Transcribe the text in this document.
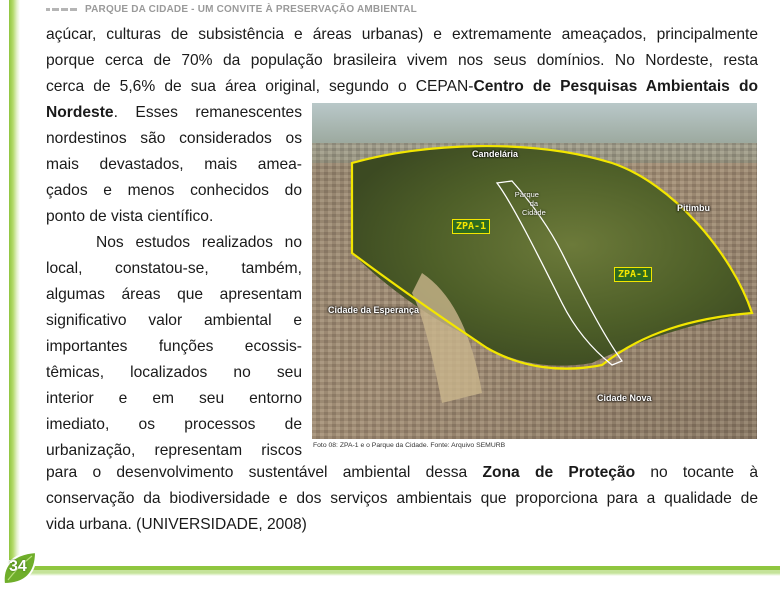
PARQUE DA CIDADE - UM CONVITE À PRESERVAÇÃO AMBIENTAL
açúcar, culturas de subsistência e áreas urbanas) e extremamente ameaçados, principalmente
porque cerca de 70% da população brasileira vivem nos seus domínios. No Nordeste, resta
cerca de 5,6% de sua área original, segundo o CEPAN-Centro de Pesquisas Ambientais do
Nordeste. Esses remanescentes
nordestinos são considerados os
mais devastados, mais amea-
çados e menos conhecidos do
ponto de vista científico.
Nos estudos realizados no
local, constatou-se, também,
algumas áreas que apresentam
significativo valor ambiental e
importantes funções ecossis-
têmicas, localizados no seu
interior e em seu entorno
imediato, os processos de
urbanização, representam riscos
Candelária
Pitimbu
Cidade da Esperança
Cidade Nova
ZPA-1
ZPA-1
Parque
da
Cidade
Foto 08: ZPA-1 e o Parque da Cidade. Fonte: Arquivo SEMURB
para o desenvolvimento sustentável ambiental dessa Zona de Proteção no tocante à
conservação da biodiversidade e dos serviços ambientais que proporciona para a qualidade de
vida urbana. (UNIVERSIDADE, 2008)
34
